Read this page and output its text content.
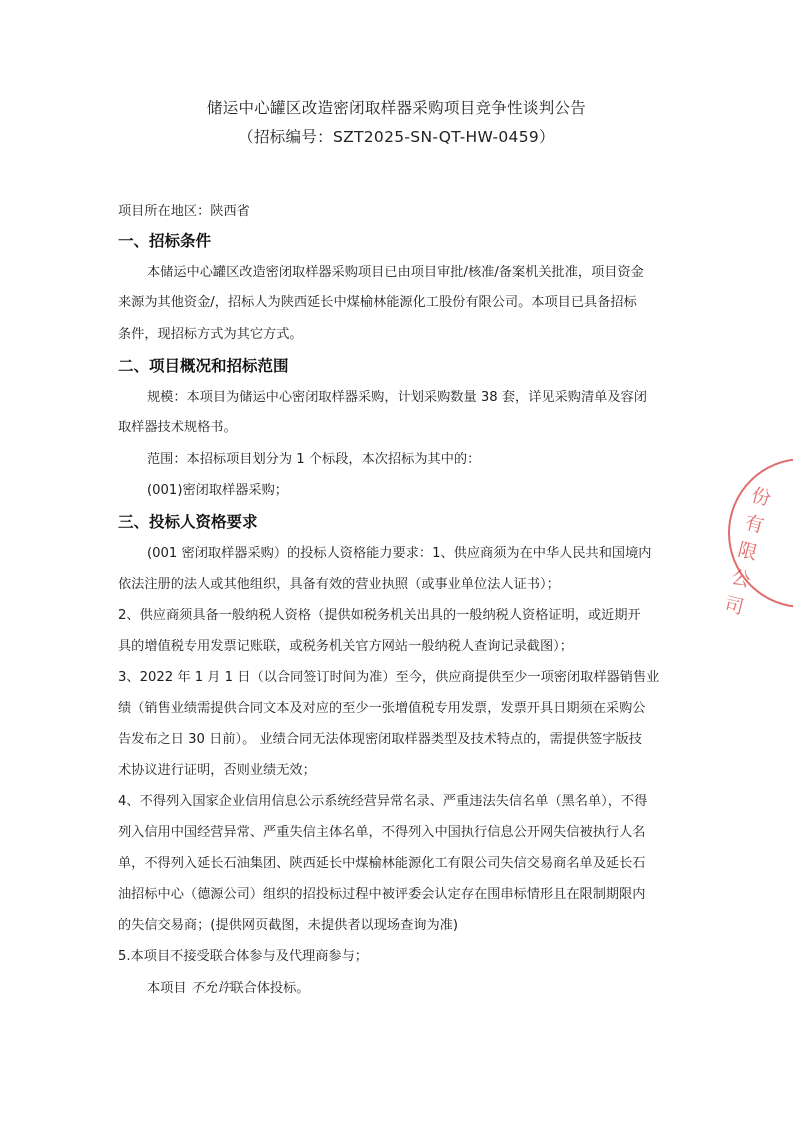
储运中心罐区改造密闭取样器采购项目竞争性谈判公告
（招标编号：SZT2025-SN-QT-HW-0459）
项目所在地区：陕西省
一、招标条件
本储运中心罐区改造密闭取样器采购项目已由项目审批/核准/备案机关批准，项目资金
来源为其他资金/，招标人为陕西延长中煤榆林能源化工股份有限公司。本项目已具备招标
条件，现招标方式为其它方式。
二、项目概况和招标范围
规模：本项目为储运中心密闭取样器采购，计划采购数量 38 套，详见采购清单及容闭
取样器技术规格书。
范围：本招标项目划分为 1 个标段，本次招标为其中的：
(001)密闭取样器采购；
三、投标人资格要求
(001 密闭取样器采购）的投标人资格能力要求：1、供应商须为在中华人民共和国境内
依法注册的法人或其他组织，具备有效的营业执照（或事业单位法人证书）；
2、供应商须具备一般纳税人资格（提供如税务机关出具的一般纳税人资格证明，或近期开
具的增值税专用发票记账联，或税务机关官方网站一般纳税人查询记录截图）；
3、2022 年 1 月 1 日（以合同签订时间为准）至今，供应商提供至少一项密闭取样器销售业
绩（销售业绩需提供合同文本及对应的至少一张增值税专用发票，发票开具日期须在采购公
告发布之日 30 日前）。 业绩合同无法体现密闭取样器类型及技术特点的，需提供签字版技
术协议进行证明，否则业绩无效；
4、不得列入国家企业信用信息公示系统经营异常名录、严重违法失信名单（黑名单），不得
列入信用中国经营异常、严重失信主体名单，不得列入中国执行信息公开网失信被执行人名
单，不得列入延长石油集团、陕西延长中煤榆林能源化工有限公司失信交易商名单及延长石
油招标中心（德源公司）组织的招投标过程中被评委会认定存在围串标情形且在限制期限内
的失信交易商；(提供网页截图，未提供者以现场查询为准)
5.本项目不接受联合体参与及代理商参与；
本项目 不允许联合体投标。
份有限公司
